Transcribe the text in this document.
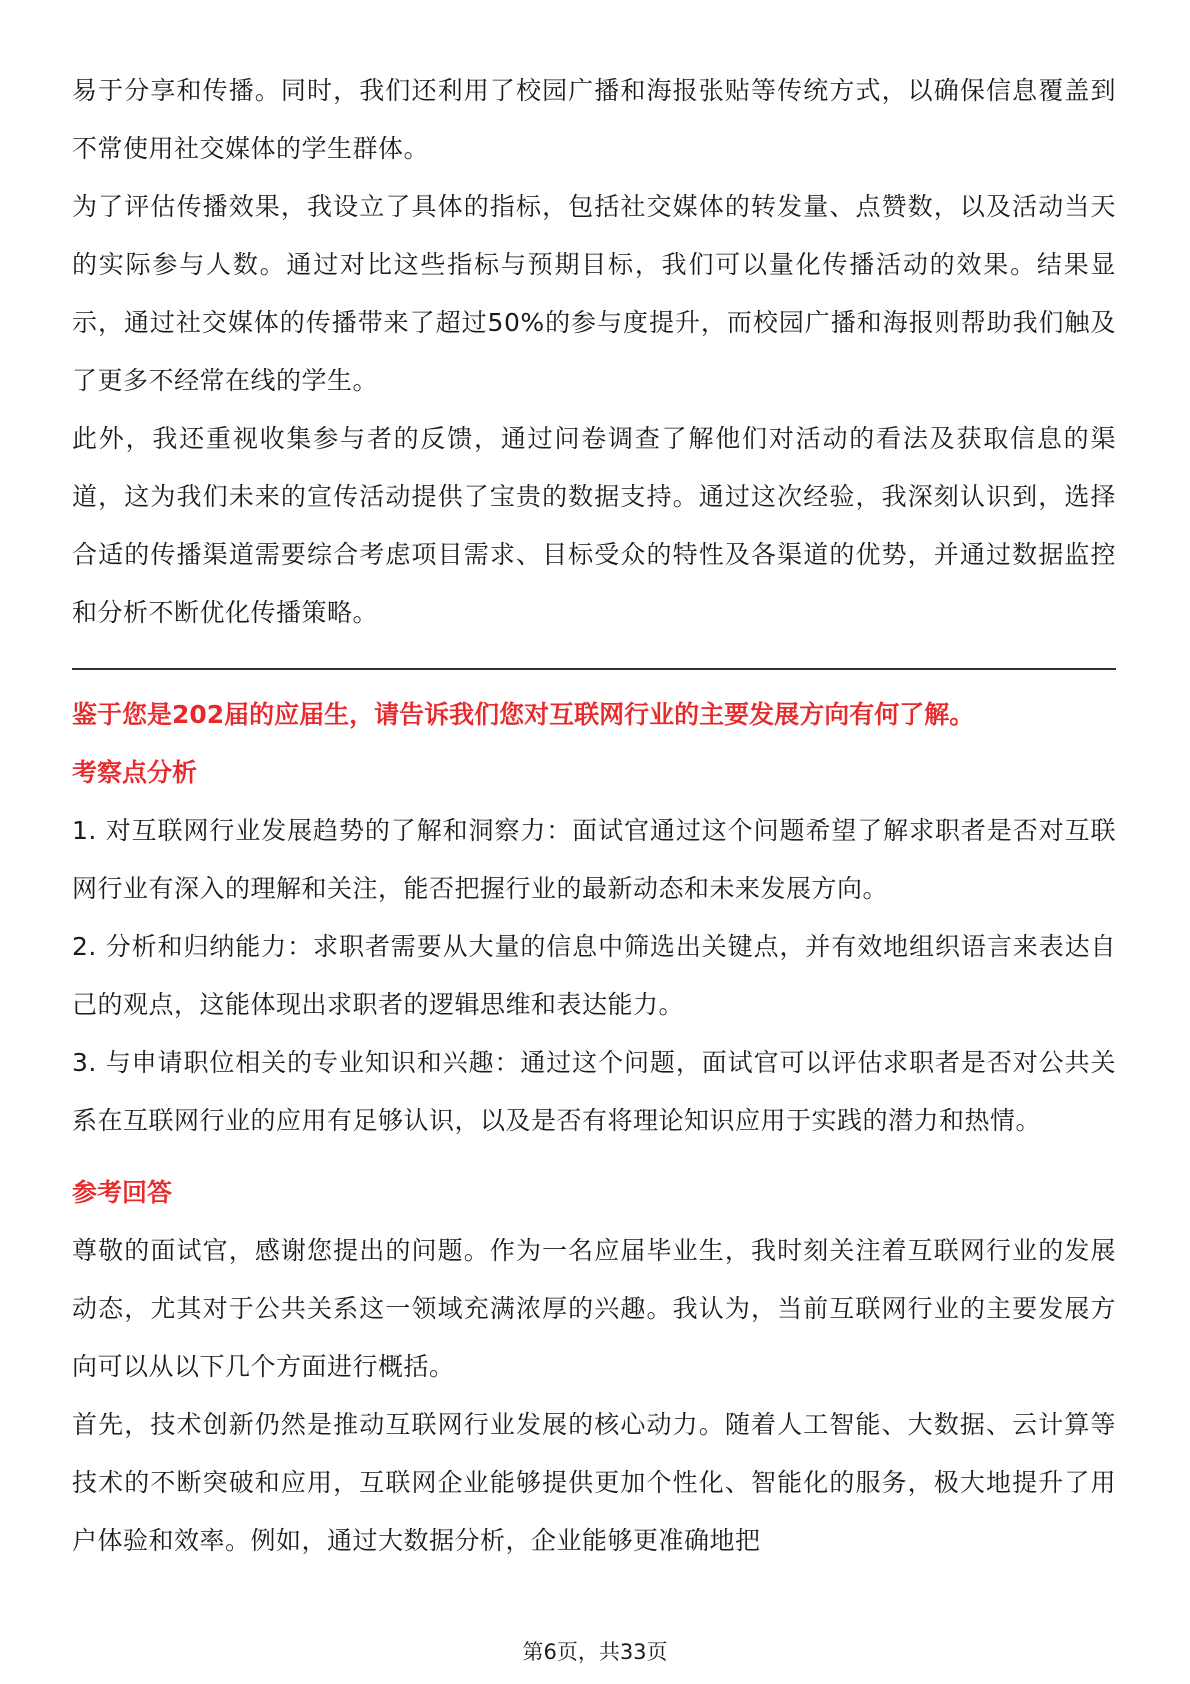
易于分享和传播。同时，我们还利用了校园广播和海报张贴等传统方式，以确保信息覆盖到不常使用社交媒体的学生群体。

为了评估传播效果，我设立了具体的指标，包括社交媒体的转发量、点赞数，以及活动当天的实际参与人数。通过对比这些指标与预期目标，我们可以量化传播活动的效果。结果显示，通过社交媒体的传播带来了超过50%的参与度提升，而校园广播和海报则帮助我们触及了更多不经常在线的学生。

此外，我还重视收集参与者的反馈，通过问卷调查了解他们对活动的看法及获取信息的渠道，这为我们未来的宣传活动提供了宝贵的数据支持。通过这次经验，我深刻认识到，选择合适的传播渠道需要综合考虑项目需求、目标受众的特性及各渠道的优势，并通过数据监控和分析不断优化传播策略。

鉴于您是202届的应届生，请告诉我们您对互联网行业的主要发展方向有何了解。

考察点分析

1. 对互联网行业发展趋势的了解和洞察力：面试官通过这个问题希望了解求职者是否对互联网行业有深入的理解和关注，能否把握行业的最新动态和未来发展方向。

2. 分析和归纳能力：求职者需要从大量的信息中筛选出关键点，并有效地组织语言来表达自己的观点，这能体现出求职者的逻辑思维和表达能力。

3. 与申请职位相关的专业知识和兴趣：通过这个问题，面试官可以评估求职者是否对公共关系在互联网行业的应用有足够认识，以及是否有将理论知识应用于实践的潜力和热情。

参考回答

尊敬的面试官，感谢您提出的问题。作为一名应届毕业生，我时刻关注着互联网行业的发展动态，尤其对于公共关系这一领域充满浓厚的兴趣。我认为，当前互联网行业的主要发展方向可以从以下几个方面进行概括。

首先，技术创新仍然是推动互联网行业发展的核心动力。随着人工智能、大数据、云计算等技术的不断突破和应用，互联网企业能够提供更加个性化、智能化的服务，极大地提升了用户体验和效率。例如，通过大数据分析，企业能够更准确地把

第6页，共33页
